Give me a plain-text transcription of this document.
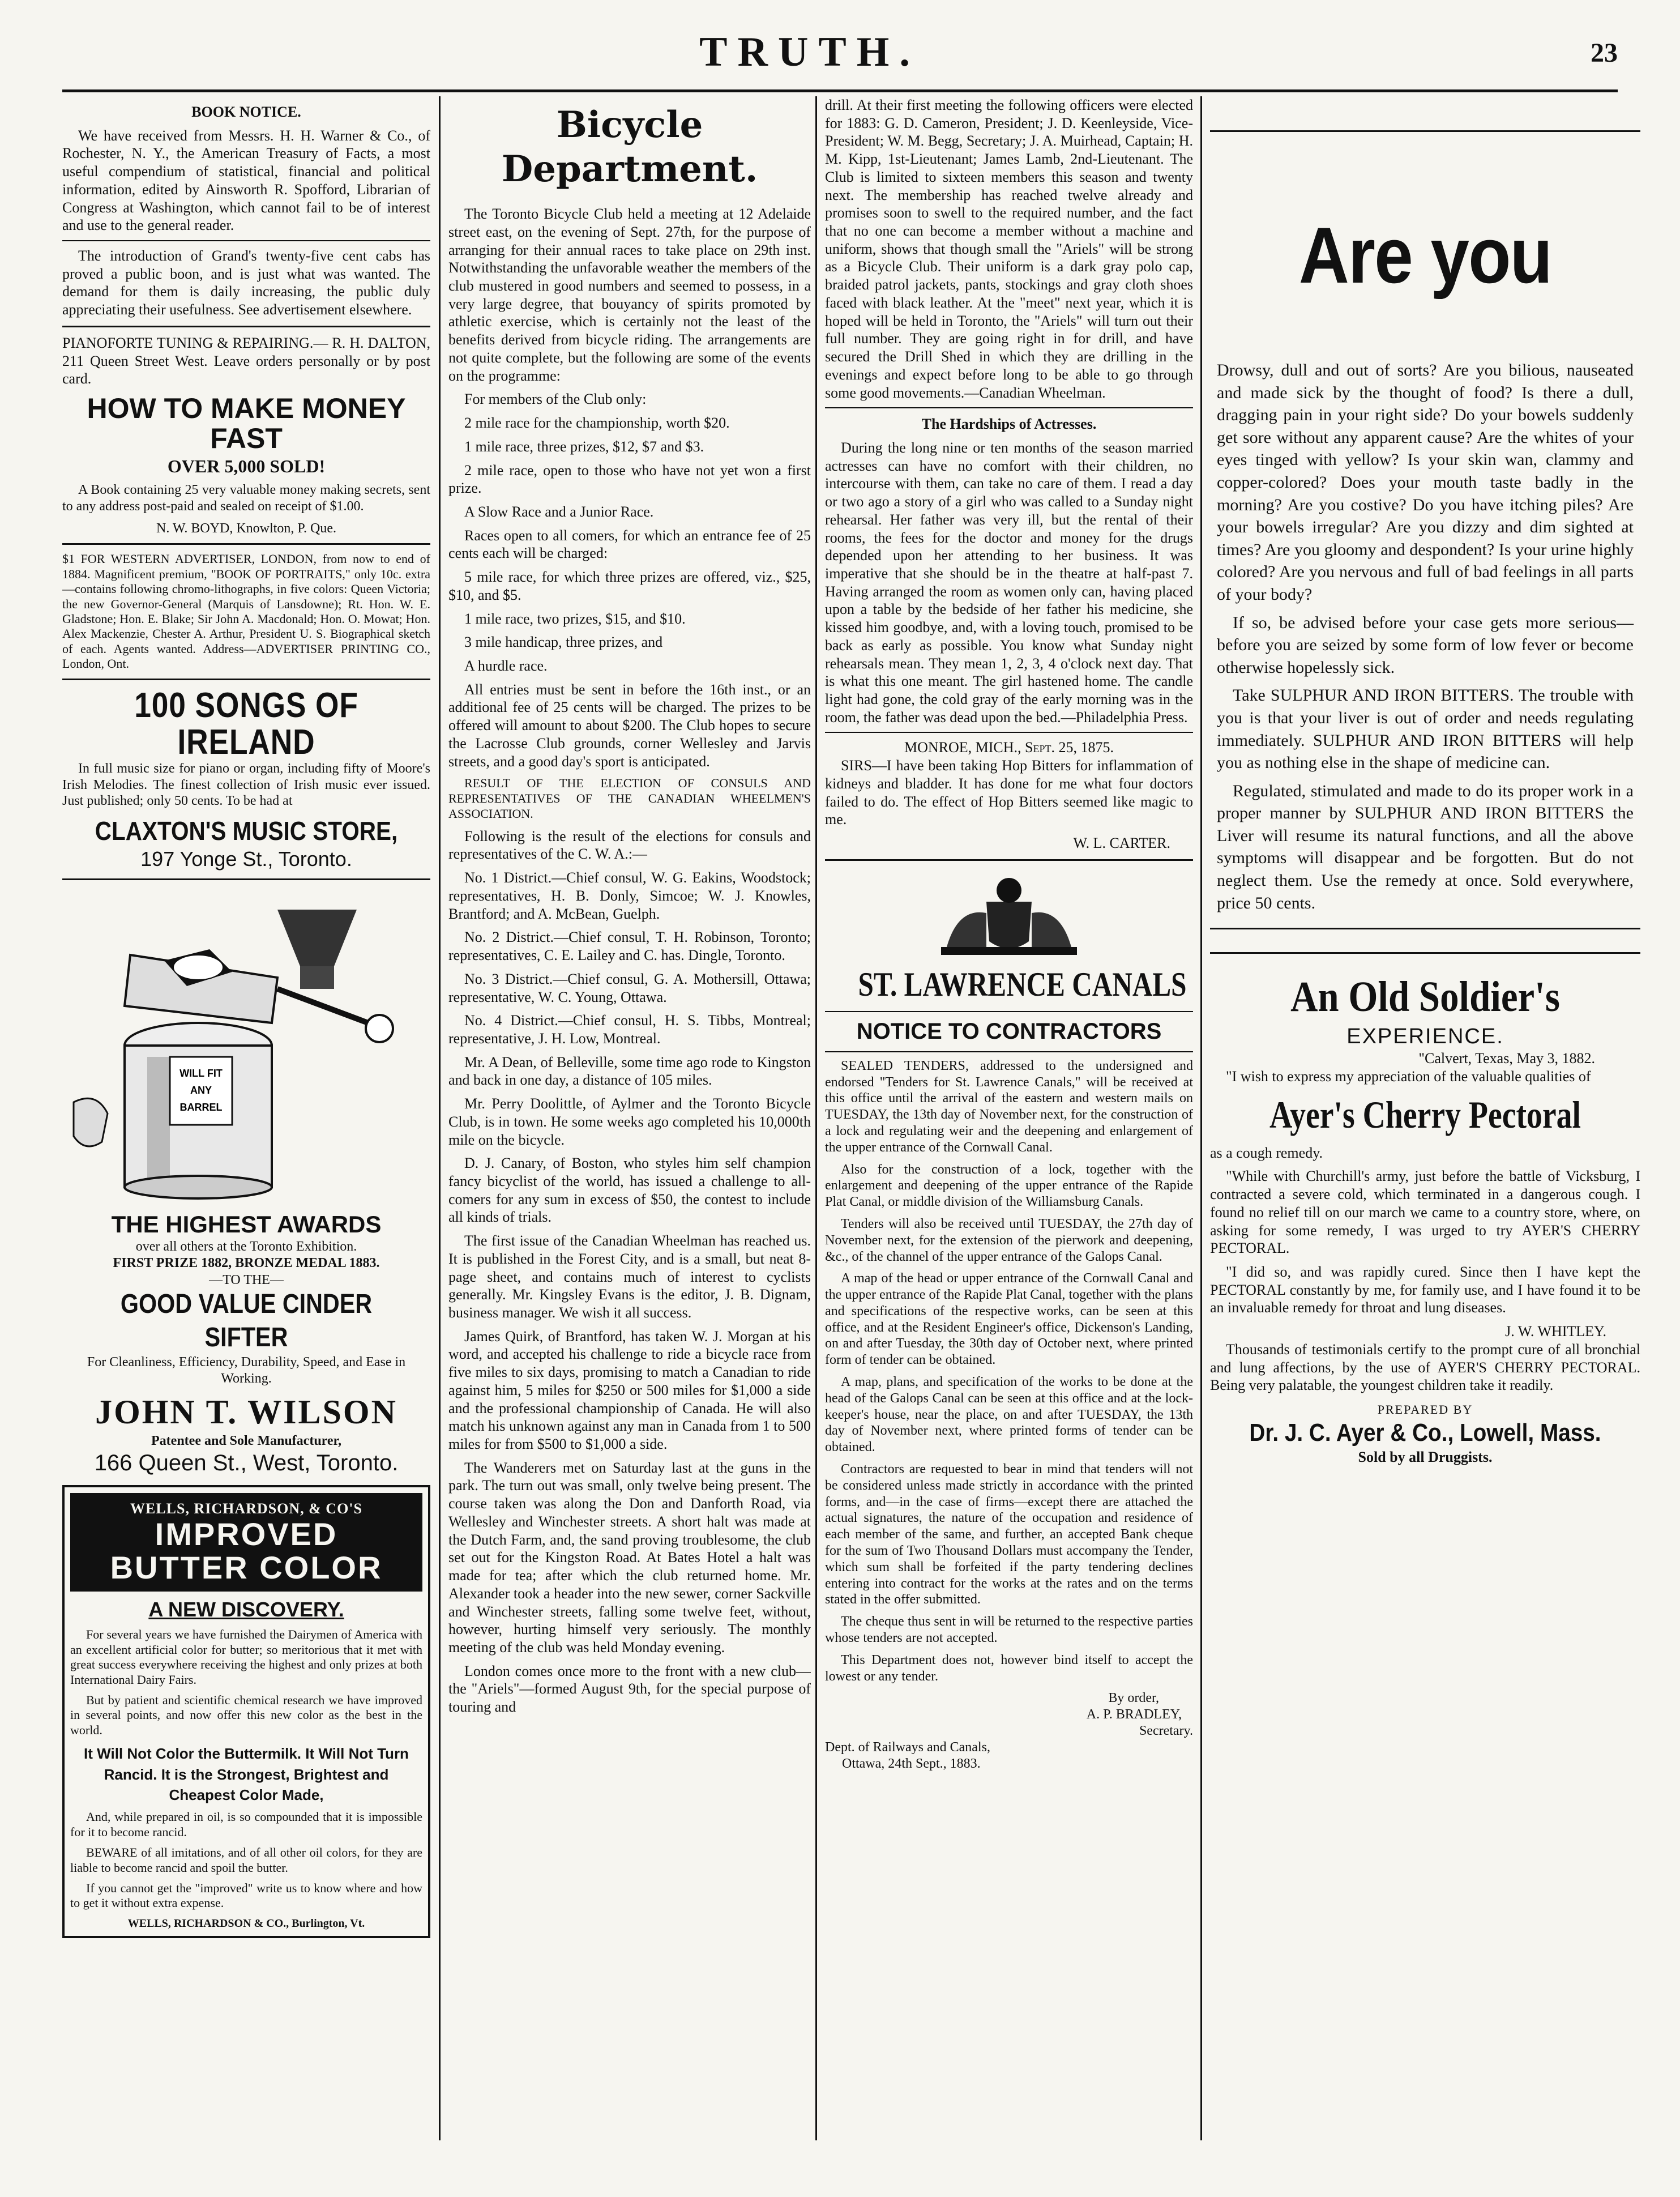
TRUTH.	23
BOOK NOTICE.

We have received from Messrs. H. H. Warner & Co., of Rochester, N. Y., the American Treasury of Facts, a most useful compendium of statistical, financial and political information, edited by Ainsworth R. Spofford, Librarian of Congress at Washington, which cannot fail to be of interest and use to the general reader.

The introduction of Grand's twenty-five cent cabs has proved a public boon, and is just what was wanted. The demand for them is daily increasing, the public duly appreciating their usefulness. See advertisement elsewhere.

PIANOFORTE TUNING & REPAIRING.— R. H. DALTON, 211 Queen Street West. Leave orders personally or by post card.

HOW TO MAKE MONEY FAST
OVER 5,000 SOLD!

A Book containing 25 very valuable money making secrets, sent to any address post-paid and sealed on receipt of $1.00.

N. W. BOYD, Knowlton, P. Que.

$1 FOR WESTERN ADVERTISER, LONDON, from now to end of 1884. Magnificent premium, "BOOK OF PORTRAITS," only 10c. extra—contains following chromo-lithographs, in five colors: Queen Victoria; the new Governor-General (Marquis of Lansdowne); Rt. Hon. W. E. Gladstone; Hon. E. Blake; Sir John A. Macdonald; Hon. O. Mowat; Hon. Alex Mackenzie, Chester A. Arthur, President U. S. Biographical sketch of each. Agents wanted. Address—ADVERTISER PRINTING CO., London, Ont.

100 SONGS OF IRELAND

In full music size for piano or organ, including fifty of Moore's Irish Melodies. The finest collection of Irish music ever issued. Just published; only 50 cents. To be had at

CLAXTON'S MUSIC STORE,
197 Yonge St., Toronto.
WILL FIT
ANY
BARREL
THE HIGHEST AWARDS
over all others at the Toronto Exhibition.
FIRST PRIZE 1882, BRONZE MEDAL 1883.
—TO THE—
GOOD VALUE CINDER SIFTER
For Cleanliness, Efficiency, Durability, Speed, and Ease in Working.
JOHN T. WILSON
Patentee and Sole Manufacturer,
166 Queen St., West, Toronto.
WELLS, RICHARDSON, & CO'S
IMPROVED
BUTTER COLOR
A NEW DISCOVERY.

For several years we have furnished the Dairymen of America with an excellent artificial color for butter; so meritorious that it met with great success everywhere receiving the highest and only prizes at both International Dairy Fairs.

But by patient and scientific chemical research we have improved in several points, and now offer this new color as the best in the world.

It Will Not Color the Buttermilk. It Will Not Turn Rancid. It is the Strongest, Brightest and Cheapest Color Made,

And, while prepared in oil, is so compounded that it is impossible for it to become rancid.

BEWARE of all imitations, and of all other oil colors, for they are liable to become rancid and spoil the butter.

If you cannot get the "improved" write us to know where and how to get it without extra expense.

WELLS, RICHARDSON & CO., Burlington, Vt.
Bicycle Department.

The Toronto Bicycle Club held a meeting at 12 Adelaide street east, on the evening of Sept. 27th, for the purpose of arranging for their annual races to take place on 29th inst. Notwithstanding the unfavorable weather the members of the club mustered in good numbers and seemed to possess, in a very large degree, that bouyancy of spirits promoted by athletic exercise, which is certainly not the least of the benefits derived from bicycle riding. The arrangements are not quite complete, but the following are some of the events on the programme:

For members of the Club only:

2 mile race for the championship, worth $20.

1 mile race, three prizes, $12, $7 and $3.

2 mile race, open to those who have not yet won a first prize.

A Slow Race and a Junior Race.

Races open to all comers, for which an entrance fee of 25 cents each will be charged:

5 mile race, for which three prizes are offered, viz., $25, $10, and $5.

1 mile race, two prizes, $15, and $10.

3 mile handicap, three prizes, and

A hurdle race.

All entries must be sent in before the 16th inst., or an additional fee of 25 cents will be charged. The prizes to be offered will amount to about $200. The Club hopes to secure the Lacrosse Club grounds, corner Wellesley and Jarvis streets, and a good day's sport is anticipated.

RESULT OF THE ELECTION OF CONSULS AND REPRESENTATIVES OF THE CANADIAN WHEELMEN'S ASSOCIATION.

Following is the result of the elections for consuls and representatives of the C. W. A.:—

No. 1 District.—Chief consul, W. G. Eakins, Woodstock; representatives, H. B. Donly, Simcoe; W. J. Knowles, Brantford; and A. McBean, Guelph.

No. 2 District.—Chief consul, T. H. Robinson, Toronto; representatives, C. E. Lailey and C. has. Dingle, Toronto.

No. 3 District.—Chief consul, G. A. Mothersill, Ottawa; representative, W. C. Young, Ottawa.

No. 4 District.—Chief consul, H. S. Tibbs, Montreal; representative, J. H. Low, Montreal.

Mr. A Dean, of Belleville, some time ago rode to Kingston and back in one day, a distance of 105 miles.

Mr. Perry Doolittle, of Aylmer and the Toronto Bicycle Club, is in town. He some weeks ago completed his 10,000th mile on the bicycle.

D. J. Canary, of Boston, who styles him self champion fancy bicyclist of the world, has issued a challenge to all-comers for any sum in excess of $50, the contest to include all kinds of trials.

The first issue of the Canadian Wheelman has reached us. It is published in the Forest City, and is a small, but neat 8-page sheet, and contains much of interest to cyclists generally. Mr. Kingsley Evans is the editor, J. B. Dignam, business manager. We wish it all success.

James Quirk, of Brantford, has taken W. J. Morgan at his word, and accepted his challenge to ride a bicycle race from five miles to six days, promising to match a Canadian to ride against him, 5 miles for $250 or 500 miles for $1,000 a side and the professional championship of Canada. He will also match his unknown against any man in Canada from 1 to 500 miles for from $500 to $1,000 a side.

The Wanderers met on Saturday last at the guns in the park. The turn out was small, only twelve being present. The course taken was along the Don and Danforth Road, via Wellesley and Winchester streets. A short halt was made at the Dutch Farm, and, the sand proving troublesome, the club set out for the Kingston Road. At Bates Hotel a halt was made for tea; after which the club returned home. Mr. Alexander took a header into the new sewer, corner Sackville and Winchester streets, falling some twelve feet, without, however, hurting himself very seriously. The monthly meeting of the club was held Monday evening.

London comes once more to the front with a new club—the "Ariels"—formed August 9th, for the special purpose of touring and

drill. At their first meeting the following officers were elected for 1883: G. D. Cameron, President; J. D. Keenleyside, Vice-President; W. M. Begg, Secretary; J. A. Muirhead, Captain; H. M. Kipp, 1st-Lieutenant; James Lamb, 2nd-Lieutenant. The Club is limited to sixteen members this season and twenty next. The membership has reached twelve already and promises soon to swell to the required number, and the fact that no one can become a member without a machine and uniform, shows that though small the "Ariels" will be strong as a Bicycle Club. Their uniform is a dark gray polo cap, braided patrol jackets, pants, stockings and gray cloth shoes faced with black leather. At the "meet" next year, which it is hoped will be held in Toronto, the "Ariels" will turn out their full number. They are going right in for drill, and have secured the Drill Shed in which they are drilling in the evenings and expect before long to be able to go through some good movements.—Canadian Wheelman.

The Hardships of Actresses.

During the long nine or ten months of the season married actresses can have no comfort with their children, no intercourse with them, can take no care of them. I read a day or two ago a story of a girl who was called to a Sunday night rehearsal. Her father was very ill, but the rental of their rooms, the fees for the doctor and money for the drugs depended upon her attending to her business. It was imperative that she should be in the theatre at half-past 7. Having arranged the room as women only can, having placed upon a table by the bedside of her father his medicine, she kissed him goodbye, and, with a loving touch, promised to be back as early as possible. You know what Sunday night rehearsals mean. They mean 1, 2, 3, 4 o'clock next day. That is what this one meant. The girl hastened home. The candle light had gone, the cold gray of the early morning was in the room, the father was dead upon the bed.—Philadelphia Press.

MONROE, MICH., Sept. 25, 1875.

SIRS—I have been taking Hop Bitters for inflammation of kidneys and bladder. It has done for me what four doctors failed to do. The effect of Hop Bitters seemed like magic to me.

W. L. CARTER.
ST. LAWRENCE CANALS
NOTICE TO CONTRACTORS

SEALED TENDERS, addressed to the undersigned and endorsed "Tenders for St. Lawrence Canals," will be received at this office until the arrival of the eastern and western mails on TUESDAY, the 13th day of November next, for the construction of a lock and regulating weir and the deepening and enlargement of the upper entrance of the Cornwall Canal.

Also for the construction of a lock, together with the enlargement and deepening of the upper entrance of the Rapide Plat Canal, or middle division of the Williamsburg Canals.

Tenders will also be received until TUESDAY, the 27th day of November next, for the extension of the pierwork and deepening, &c., of the channel of the upper entrance of the Galops Canal.

A map of the head or upper entrance of the Cornwall Canal and the upper entrance of the Rapide Plat Canal, together with the plans and specifications of the respective works, can be seen at this office, and at the Resident Engineer's office, Dickenson's Landing, on and after Tuesday, the 30th day of October next, where printed form of tender can be obtained.

A map, plans, and specification of the works to be done at the head of the Galops Canal can be seen at this office and at the lock-keeper's house, near the place, on and after TUESDAY, the 13th day of November next, where printed forms of tender can be obtained.

Contractors are requested to bear in mind that tenders will not be considered unless made strictly in accordance with the printed forms, and—in the case of firms—except there are attached the actual signatures, the nature of the occupation and residence of each member of the same, and further, an accepted Bank cheque for the sum of Two Thousand Dollars must accompany the Tender, which sum shall be forfeited if the party tendering declines entering into contract for the works at the rates and on the terms stated in the offer submitted.

The cheque thus sent in will be returned to the respective parties whose tenders are not accepted.

This Department does not, however bind itself to accept the lowest or any tender.

By order,
A. P. BRADLEY,
Secretary.
Dept. of Railways and Canals,
Ottawa, 24th Sept., 1883.
Are you

Drowsy, dull and out of sorts? Are you bilious, nauseated and made sick by the thought of food? Is there a dull, dragging pain in your right side? Do your bowels suddenly get sore without any apparent cause? Are the whites of your eyes tinged with yellow? Is your skin wan, clammy and copper-colored? Does your mouth taste badly in the morning? Are you costive? Do you have itching piles? Are your bowels irregular? Are you dizzy and dim sighted at times? Are you gloomy and despondent? Is your urine highly colored? Are you nervous and full of bad feelings in all parts of your body?

If so, be advised before your case gets more serious—before you are seized by some form of low fever or become otherwise hopelessly sick.

Take SULPHUR AND IRON BITTERS. The trouble with you is that your liver is out of order and needs regulating immediately. SULPHUR AND IRON BITTERS will help you as nothing else in the shape of medicine can.

Regulated, stimulated and made to do its proper work in a proper manner by SULPHUR AND IRON BITTERS the Liver will resume its natural functions, and all the above symptoms will disappear and be forgotten. But do not neglect them. Use the remedy at once. Sold everywhere, price 50 cents.

An Old Soldier's
EXPERIENCE.
"Calvert, Texas, May 3, 1882.

"I wish to express my appreciation of the valuable qualities of

Ayer's Cherry Pectoral

as a cough remedy.

"While with Churchill's army, just before the battle of Vicksburg, I contracted a severe cold, which terminated in a dangerous cough. I found no relief till on our march we came to a country store, where, on asking for some remedy, I was urged to try AYER'S CHERRY PECTORAL.

"I did so, and was rapidly cured. Since then I have kept the PECTORAL constantly by me, for family use, and I have found it to be an invaluable remedy for throat and lung diseases.

J. W. WHITLEY.

Thousands of testimonials certify to the prompt cure of all bronchial and lung affections, by the use of AYER'S CHERRY PECTORAL. Being very palatable, the youngest children take it readily.

PREPARED BY
Dr. J. C. Ayer & Co., Lowell, Mass.
Sold by all Druggists.
